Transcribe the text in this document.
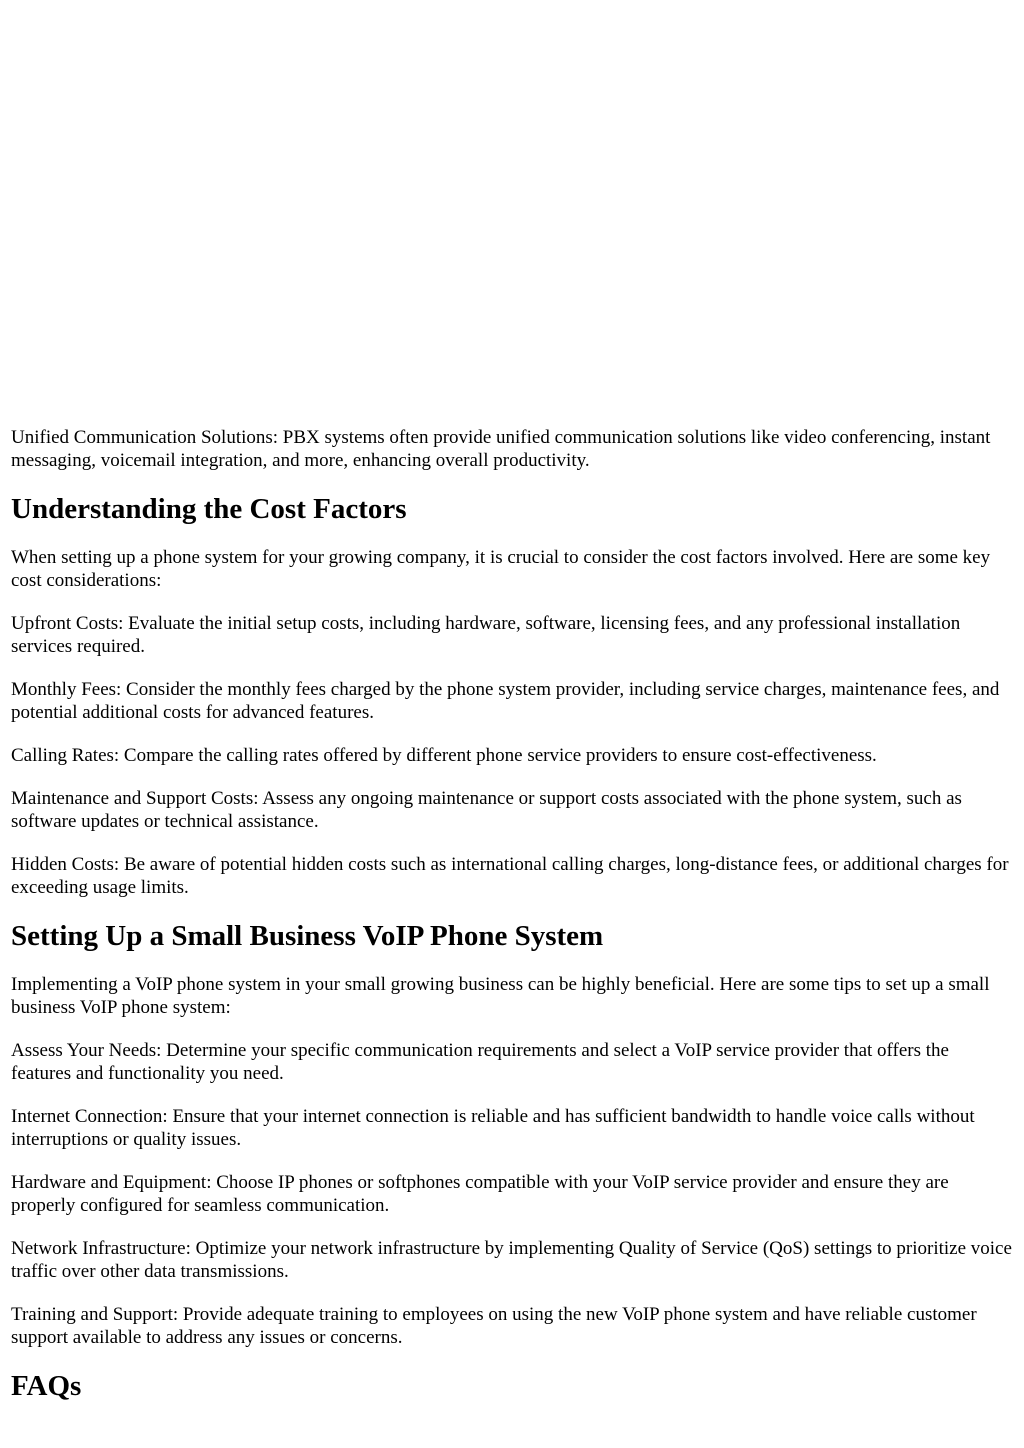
Unified Communication Solutions: PBX systems often provide unified communication solutions like video conferencing, instant messaging, voicemail integration, and more, enhancing overall productivity.

Understanding the Cost Factors

When setting up a phone system for your growing company, it is crucial to consider the cost factors involved. Here are some key cost considerations:

Upfront Costs: Evaluate the initial setup costs, including hardware, software, licensing fees, and any professional installation services required.

Monthly Fees: Consider the monthly fees charged by the phone system provider, including service charges, maintenance fees, and potential additional costs for advanced features.

Calling Rates: Compare the calling rates offered by different phone service providers to ensure cost-effectiveness.

Maintenance and Support Costs: Assess any ongoing maintenance or support costs associated with the phone system, such as software updates or technical assistance.

Hidden Costs: Be aware of potential hidden costs such as international calling charges, long-distance fees, or additional charges for exceeding usage limits.

Setting Up a Small Business VoIP Phone System

Implementing a VoIP phone system in your small growing business can be highly beneficial. Here are some tips to set up a small business VoIP phone system:

Assess Your Needs: Determine your specific communication requirements and select a VoIP service provider that offers the features and functionality you need.

Internet Connection: Ensure that your internet connection is reliable and has sufficient bandwidth to handle voice calls without interruptions or quality issues.

Hardware and Equipment: Choose IP phones or softphones compatible with your VoIP service provider and ensure they are properly configured for seamless communication.

Network Infrastructure: Optimize your network infrastructure by implementing Quality of Service (QoS) settings to prioritize voice traffic over other data transmissions.

Training and Support: Provide adequate training to employees on using the new VoIP phone system and have reliable customer support available to address any issues or concerns.

FAQs
